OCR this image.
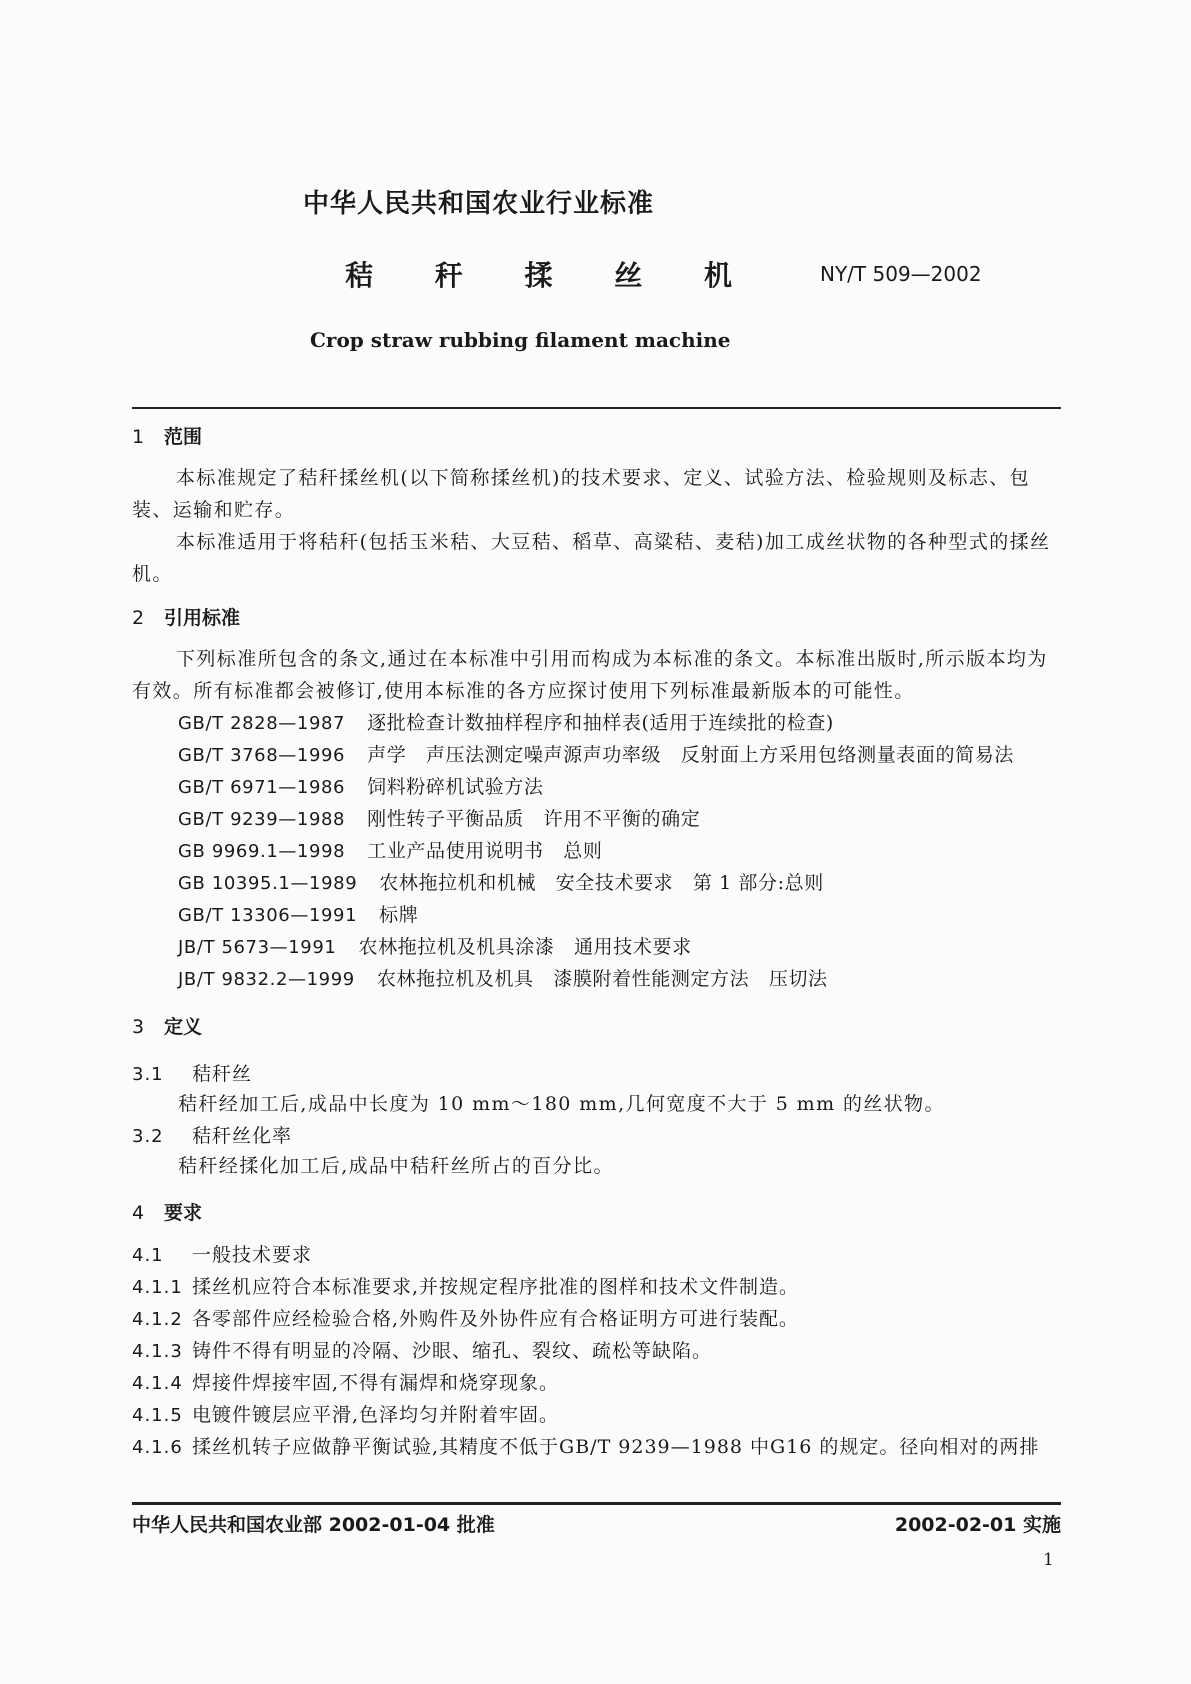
中华人民共和国农业行业标准
秸 秆 揉 丝 机	NY/T 509—2002
Crop straw rubbing filament machine
1 范围
本标准规定了秸秆揉丝机(以下简称揉丝机)的技术要求、定义、试验方法、检验规则及标志、包装、运输和贮存。
本标准适用于将秸秆(包括玉米秸、大豆秸、稻草、高粱秸、麦秸)加工成丝状物的各种型式的揉丝机。
2 引用标准
下列标准所包含的条文,通过在本标准中引用而构成为本标准的条文。本标准出版时,所示版本均为有效。所有标准都会被修订,使用本标准的各方应探讨使用下列标准最新版本的可能性。
GB/T 2828—1987 逐批检查计数抽样程序和抽样表(适用于连续批的检查)
GB/T 3768—1996 声学　声压法测定噪声源声功率级　反射面上方采用包络测量表面的简易法
GB/T 6971—1986 饲料粉碎机试验方法
GB/T 9239—1988 刚性转子平衡品质　许用不平衡的确定
GB 9969.1—1998 工业产品使用说明书　总则
GB 10395.1—1989 农林拖拉机和机械　安全技术要求　第 1 部分:总则
GB/T 13306—1991 标牌
JB/T 5673—1991 农林拖拉机及机具涂漆　通用技术要求
JB/T 9832.2—1999 农林拖拉机及机具　漆膜附着性能测定方法　压切法
3 定义
3.1 秸秆丝
秸秆经加工后,成品中长度为 10 mm～180 mm,几何宽度不大于 5 mm 的丝状物。
3.2 秸秆丝化率
秸秆经揉化加工后,成品中秸秆丝所占的百分比。
4 要求
4.1 一般技术要求
4.1.1 揉丝机应符合本标准要求,并按规定程序批准的图样和技术文件制造。
4.1.2 各零部件应经检验合格,外购件及外协件应有合格证明方可进行装配。
4.1.3 铸件不得有明显的冷隔、沙眼、缩孔、裂纹、疏松等缺陷。
4.1.4 焊接件焊接牢固,不得有漏焊和烧穿现象。
4.1.5 电镀件镀层应平滑,色泽均匀并附着牢固。
4.1.6 揉丝机转子应做静平衡试验,其精度不低于GB/T 9239—1988 中G16 的规定。径向相对的两排
中华人民共和国农业部 2002-01-04 批准	2002-02-01 实施
1
